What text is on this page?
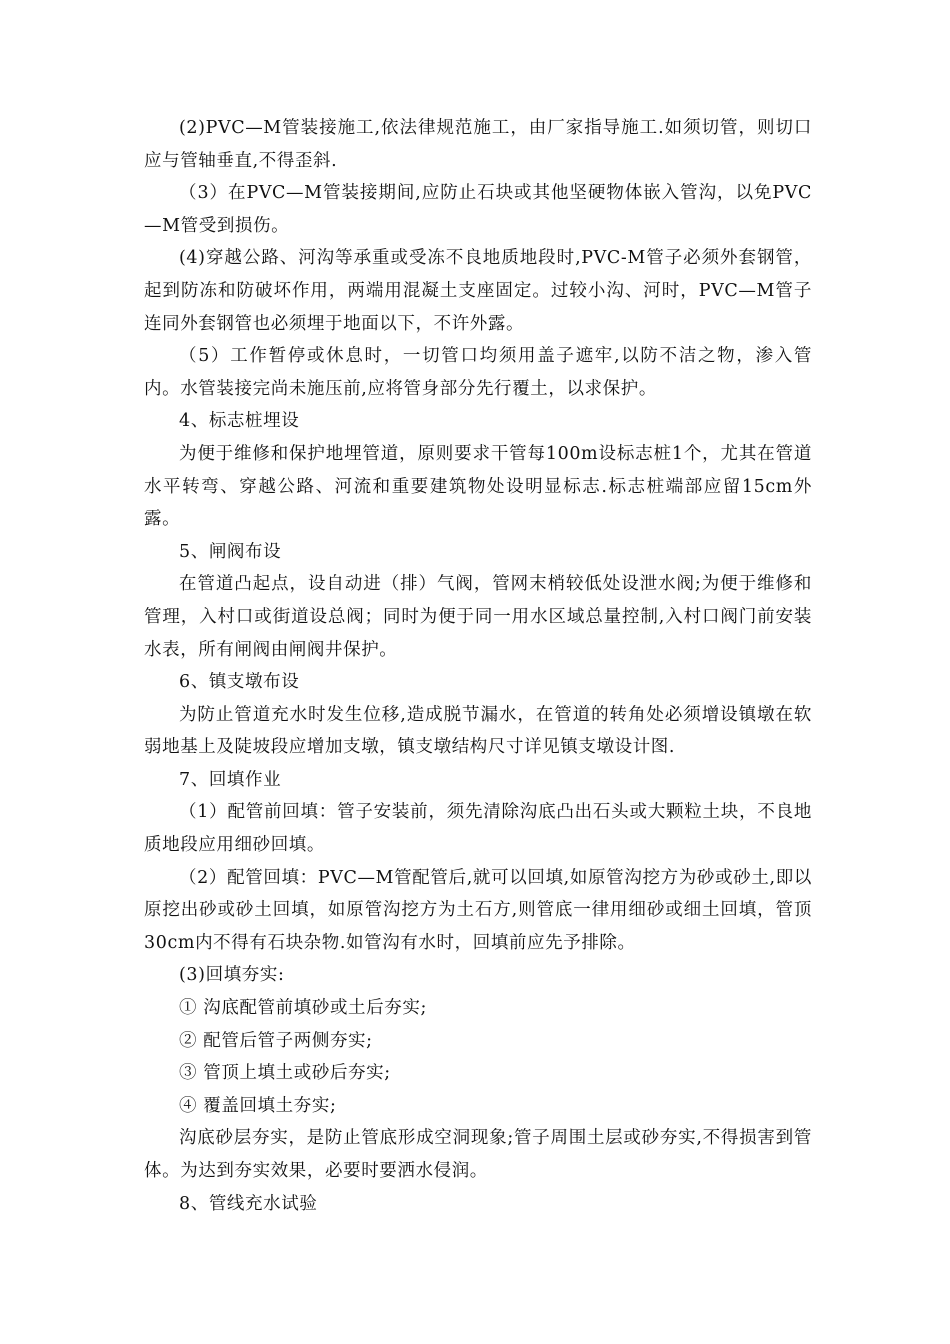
(2)PVC—M管装接施工,依法律规范施工，由厂家指导施工.如须切管，则切口应与管轴垂直,不得歪斜.

（3）在PVC—M管装接期间,应防止石块或其他坚硬物体嵌入管沟，以免PVC—M管受到损伤。

(4)穿越公路、河沟等承重或受冻不良地质地段时,PVC-M管子必须外套钢管，起到防冻和防破坏作用，两端用混凝土支座固定。过较小沟、河时，PVC—M管子连同外套钢管也必须埋于地面以下，不许外露。

（5）工作暂停或休息时，一切管口均须用盖子遮牢,以防不洁之物，渗入管内。水管装接完尚未施压前,应将管身部分先行覆土，以求保护。

4、标志桩埋设

为便于维修和保护地埋管道，原则要求干管每100m设标志桩1个，尤其在管道水平转弯、穿越公路、河流和重要建筑物处设明显标志.标志桩端部应留15cm外露。

5、闸阀布设

在管道凸起点，设自动进（排）气阀，管网末梢较低处设泄水阀;为便于维修和管理，入村口或街道设总阀；同时为便于同一用水区域总量控制,入村口阀门前安装水表，所有闸阀由闸阀井保护。

6、镇支墩布设

为防止管道充水时发生位移,造成脱节漏水，在管道的转角处必须增设镇墩在软弱地基上及陡坡段应增加支墩，镇支墩结构尺寸详见镇支墩设计图.

7、回填作业

（1）配管前回填：管子安装前，须先清除沟底凸出石头或大颗粒土块，不良地质地段应用细砂回填。

（2）配管回填：PVC—M管配管后,就可以回填,如原管沟挖方为砂或砂土,即以原挖出砂或砂土回填，如原管沟挖方为土石方,则管底一律用细砂或细土回填，管顶30cm内不得有石块杂物.如管沟有水时，回填前应先予排除。

(3)回填夯实:

① 沟底配管前填砂或土后夯实;

② 配管后管子两侧夯实;

③ 管顶上填土或砂后夯实;

④ 覆盖回填土夯实;

沟底砂层夯实，是防止管底形成空洞现象;管子周围土层或砂夯实,不得损害到管体。为达到夯实效果，必要时要洒水侵润。

8、管线充水试验
